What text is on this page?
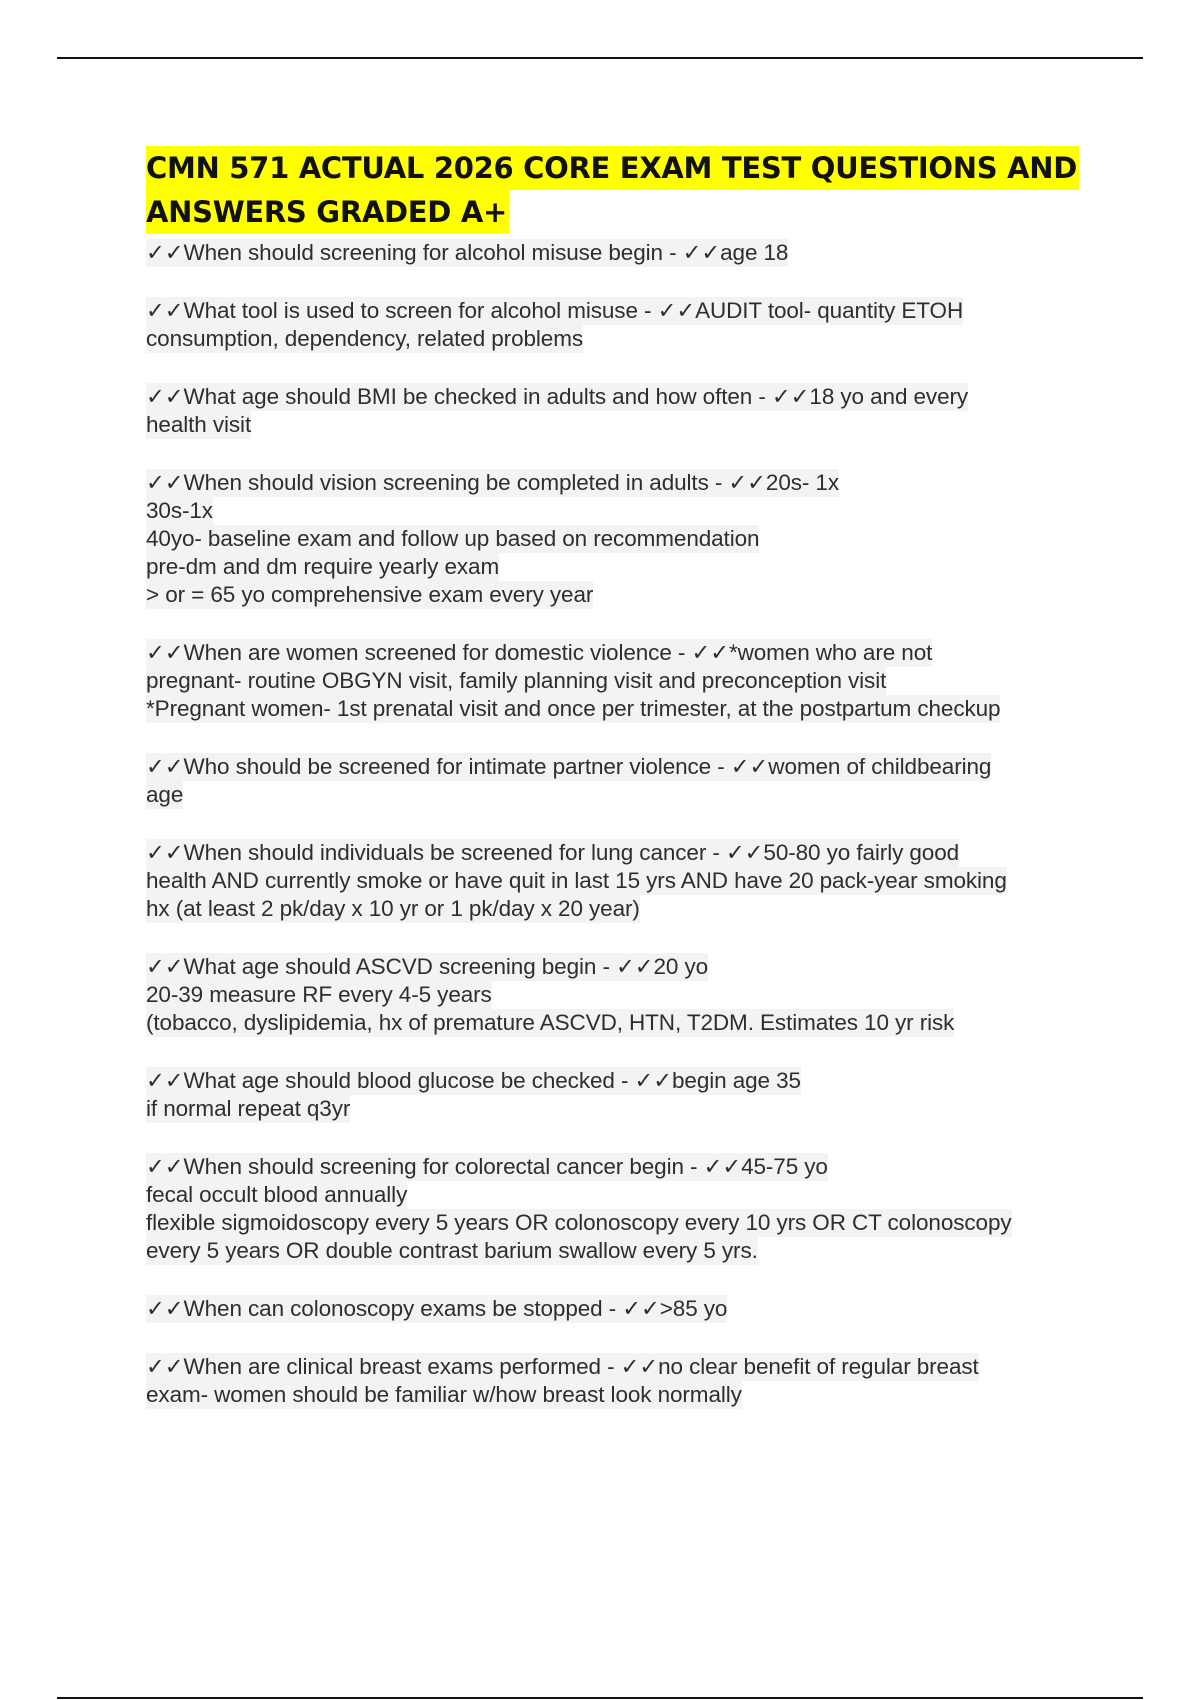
CMN 571 ACTUAL 2026 CORE EXAM TEST QUESTIONS AND
ANSWERS GRADED A+
✓✓When should screening for alcohol misuse begin - ✓✓age 18
✓✓What tool is used to screen for alcohol misuse - ✓✓AUDIT tool- quantity ETOH
consumption, dependency, related problems
✓✓What age should BMI be checked in adults and how often - ✓✓18 yo and every
health visit
✓✓When should vision screening be completed in adults - ✓✓20s- 1x
30s-1x
40yo- baseline exam and follow up based on recommendation
pre-dm and dm require yearly exam
> or = 65 yo comprehensive exam every year
✓✓When are women screened for domestic violence - ✓✓*women who are not
pregnant- routine OBGYN visit, family planning visit and preconception visit
*Pregnant women- 1st prenatal visit and once per trimester, at the postpartum checkup
✓✓Who should be screened for intimate partner violence - ✓✓women of childbearing
age
✓✓When should individuals be screened for lung cancer - ✓✓50-80 yo fairly good
health AND currently smoke or have quit in last 15 yrs AND have 20 pack-year smoking
hx (at least 2 pk/day x 10 yr or 1 pk/day x 20 year)
✓✓What age should ASCVD screening begin - ✓✓20 yo
20-39 measure RF every 4-5 years
(tobacco, dyslipidemia, hx of premature ASCVD, HTN, T2DM. Estimates 10 yr risk
✓✓What age should blood glucose be checked - ✓✓begin age 35
if normal repeat q3yr
✓✓When should screening for colorectal cancer begin - ✓✓45-75 yo
fecal occult blood annually
flexible sigmoidoscopy every 5 years OR colonoscopy every 10 yrs OR CT colonoscopy
every 5 years OR double contrast barium swallow every 5 yrs.
✓✓When can colonoscopy exams be stopped - ✓✓>85 yo
✓✓When are clinical breast exams performed - ✓✓no clear benefit of regular breast
exam- women should be familiar w/how breast look normally
